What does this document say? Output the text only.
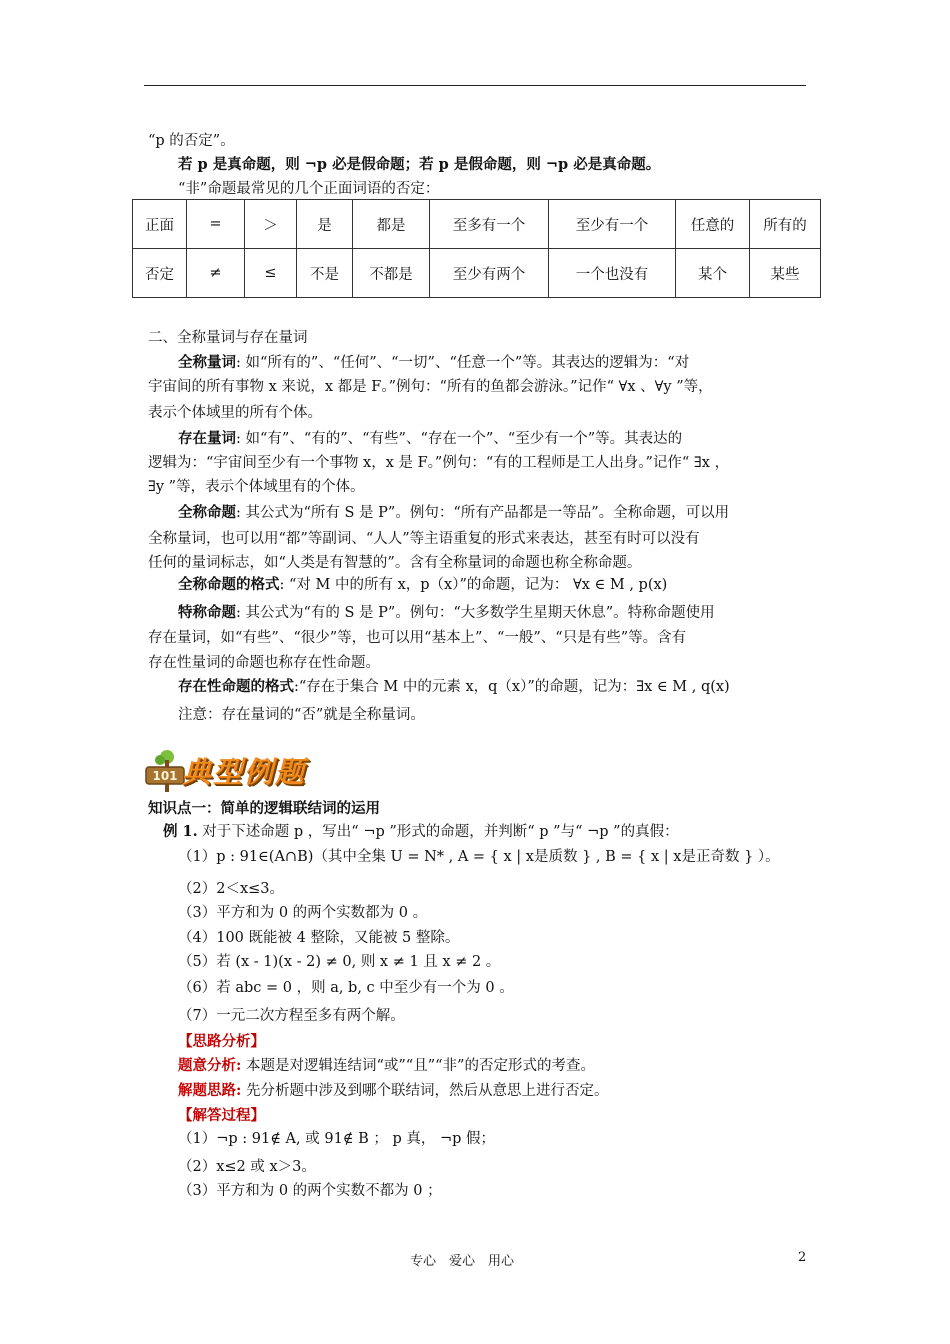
“p 的否定”。
若 p 是真命题，则 ¬p 必是假命题；若 p 是假命题，则 ¬p 必是真命题。
“非”命题最常见的几个正面词语的否定：
正面	=	＞	是	都是	至多有一个	至少有一个	任意的	所有的
否定	≠	≤	不是	不都是	至少有两个	一个也没有	某个	某些
二、全称量词与存在量词
全称量词: 如“所有的”、“任何”、“一切”、“任意一个”等。其表达的逻辑为：“对
宇宙间的所有事物 x 来说，x 都是 F。”例句：“所有的鱼都会游泳。”记作“ ∀x 、∀y ”等，
表示个体域里的所有个体。
存在量词: 如“有”、“有的”、“有些”、“存在一个”、“至少有一个”等。其表达的
逻辑为：“宇宙间至少有一个事物 x，x 是 F。”例句：“有的工程师是工人出身。”记作“ ∃x ，
∃y ”等，表示个体域里有的个体。
全称命题: 其公式为“所有 S 是 P”。例句：“所有产品都是一等品”。全称命题，可以用
全称量词，也可以用“都”等副词、“人人”等主语重复的形式来表达，甚至有时可以没有
任何的量词标志，如“人类是有智慧的”。含有全称量词的命题也称全称命题。
全称命题的格式: “对 M 中的所有 x，p（x）”的命题，记为： ∀x ∈ M , p(x)
特称命题: 其公式为“有的 S 是 P”。例句：“大多数学生星期天休息”。特称命题使用
存在量词，如“有些”、“很少”等，也可以用“基本上”、“一般”、“只是有些”等。含有
存在性量词的命题也称存在性命题。
存在性命题的格式:“存在于集合 M 中的元素 x，q（x）”的命题，记为：∃x ∈ M , q(x)
注意：存在量词的“否”就是全称量词。
101 典型例题
知识点一：简单的逻辑联结词的运用
例 1. 对于下述命题 p ，写出“ ¬p ”形式的命题，并判断“ p ”与“ ¬p ”的真假：
（1）p : 91∈(A∩B)（其中全集 U = N* , A = { x | x是质数 } , B = { x | x是正奇数 } ）。
（2）2＜x≤3。
（3）平方和为 0 的两个实数都为 0 。
（4）100 既能被 4 整除，又能被 5 整除。
（5）若 (x - 1)(x - 2) ≠ 0, 则 x ≠ 1 且 x ≠ 2 。
（6）若 abc = 0 ，则 a, b, c 中至少有一个为 0 。
（7）一元二次方程至多有两个解。
【思路分析】
题意分析: 本题是对逻辑连结词“或”“且”“非”的否定形式的考查。
解题思路: 先分析题中涉及到哪个联结词，然后从意思上进行否定。
【解答过程】
（1）¬p : 91∉ A, 或 91∉ B ； p 真， ¬p 假；
（2）x≤2 或 x＞3。
（3）平方和为 0 的两个实数不都为 0 ；
专心　爱心　用心	2
